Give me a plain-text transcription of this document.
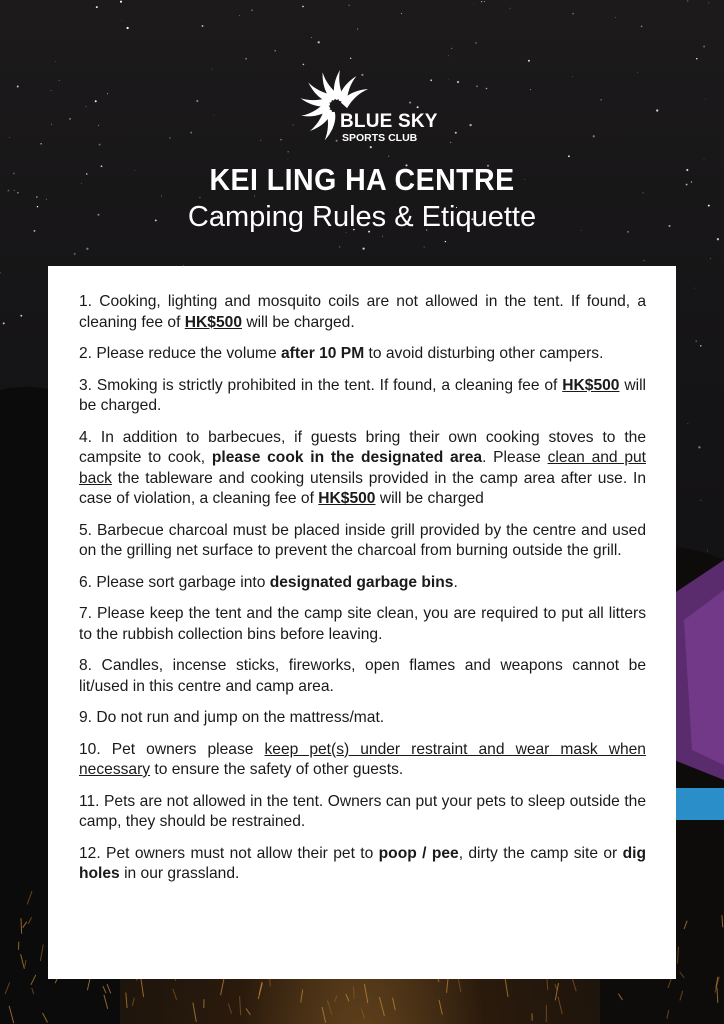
BLUE SKY
SPORTS CLUB
KEI LING HA CENTRE
Camping Rules & Etiquette

1. Cooking, lighting and mosquito coils are not allowed in the tent. If found, a cleaning fee of HK$500 will be charged.

2. Please reduce the volume after 10 PM to avoid disturbing other campers.

3. Smoking is strictly prohibited in the tent. If found, a cleaning fee of HK$500 will be charged.

4. In addition to barbecues, if guests bring their own cooking stoves to the campsite to cook, please cook in the designated area. Please clean and put back the tableware and cooking utensils provided in the camp area after use. In case of violation, a cleaning fee of HK$500 will be charged

5. Barbecue charcoal must be placed inside grill provided by the centre and used on the grilling net surface to prevent the charcoal from burning outside the grill.

6. Please sort garbage into designated garbage bins.

7. Please keep the tent and the camp site clean, you are required to put all litters to the rubbish collection bins before leaving.

8. Candles, incense sticks, fireworks, open flames and weapons cannot be lit/used in this centre and camp area.

9. Do not run and jump on the mattress/mat.

10. Pet owners please keep pet(s) under restraint and wear mask when necessary to ensure the safety of other guests.

11. Pets are not allowed in the tent. Owners can put your pets to sleep outside the camp, they should be restrained.

12. Pet owners must not allow their pet to poop / pee, dirty the camp site or dig holes in our grassland.
